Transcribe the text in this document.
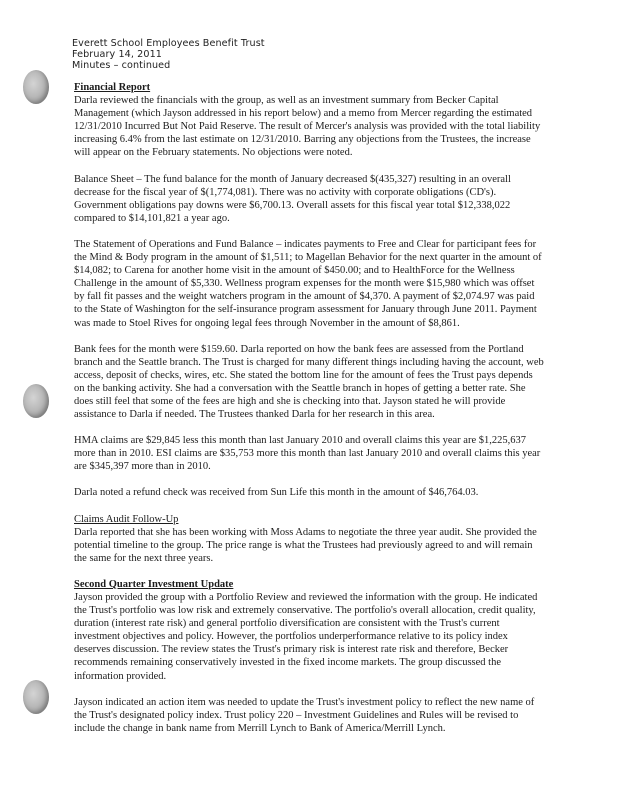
Everett School Employees Benefit Trust
February 14, 2011
Minutes – continued
Financial Report

Darla reviewed the financials with the group, as well as an investment summary from Becker Capital Management (which Jayson addressed in his report below) and a memo from Mercer regarding the estimated 12/31/2010 Incurred But Not Paid Reserve. The result of Mercer's analysis was provided with the total liability increasing 6.4% from the last estimate on 12/31/2010. Barring any objections from the Trustees, the increase will appear on the February statements. No objections were noted.

Balance Sheet – The fund balance for the month of January decreased $(435,327) resulting in an overall decrease for the fiscal year of $(1,774,081). There was no activity with corporate obligations (CD's). Government obligations pay downs were $6,700.13. Overall assets for this fiscal year total $12,338,022 compared to $14,101,821 a year ago.

The Statement of Operations and Fund Balance – indicates payments to Free and Clear for participant fees for the Mind & Body program in the amount of $1,511; to Magellan Behavior for the next quarter in the amount of $14,082; to Carena for another home visit in the amount of $450.00; and to HealthForce for the Wellness Challenge in the amount of $5,330. Wellness program expenses for the month were $15,980 which was offset by fall fit passes and the weight watchers program in the amount of $4,370. A payment of $2,074.97 was paid to the State of Washington for the self-insurance program assessment for January through June 2011. Payment was made to Stoel Rives for ongoing legal fees through November in the amount of $8,861.

Bank fees for the month were $159.60. Darla reported on how the bank fees are assessed from the Portland branch and the Seattle branch. The Trust is charged for many different things including having the account, web access, deposit of checks, wires, etc. She stated the bottom line for the amount of fees the Trust pays depends on the banking activity. She had a conversation with the Seattle branch in hopes of getting a better rate. She does still feel that some of the fees are high and she is checking into that. Jayson stated he will provide assistance to Darla if needed. The Trustees thanked Darla for her research in this area.

HMA claims are $29,845 less this month than last January 2010 and overall claims this year are $1,225,637 more than in 2010. ESI claims are $35,753 more this month than last January 2010 and overall claims this year are $345,397 more than in 2010.

Darla noted a refund check was received from Sun Life this month in the amount of $46,764.03.

Claims Audit Follow-Up

Darla reported that she has been working with Moss Adams to negotiate the three year audit. She provided the potential timeline to the group. The price range is what the Trustees had previously agreed to and will remain the same for the next three years.

Second Quarter Investment Update

Jayson provided the group with a Portfolio Review and reviewed the information with the group. He indicated the Trust's portfolio was low risk and extremely conservative. The portfolio's overall allocation, credit quality, duration (interest rate risk) and general portfolio diversification are consistent with the Trust's current investment objectives and policy. However, the portfolios underperformance relative to its policy index deserves discussion. The review states the Trust's primary risk is interest rate risk and therefore, Becker recommends remaining conservatively invested in the fixed income markets. The group discussed the information provided.

Jayson indicated an action item was needed to update the Trust's investment policy to reflect the new name of the Trust's designated policy index. Trust policy 220 – Investment Guidelines and Rules will be revised to include the change in bank name from Merrill Lynch to Bank of America/Merrill Lynch.
